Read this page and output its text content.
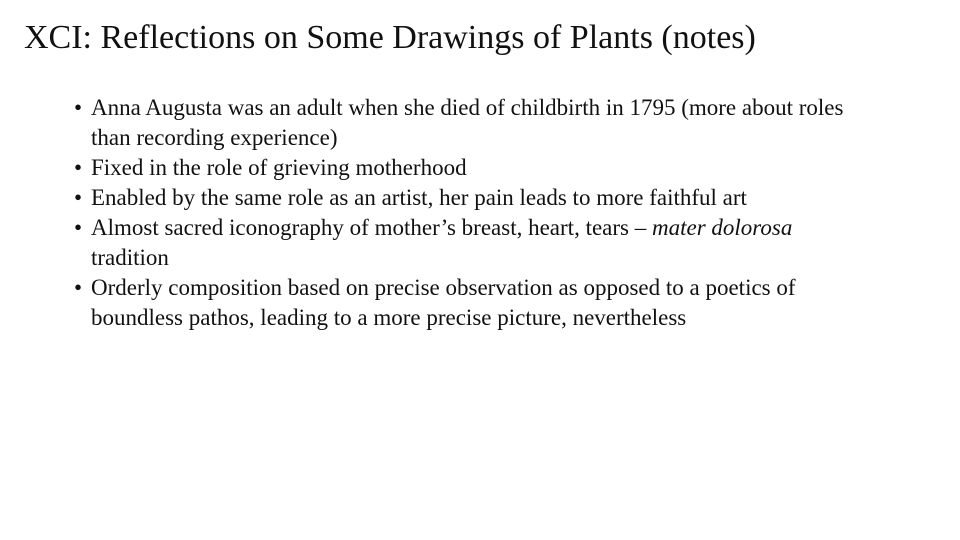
XCI: Reflections on Some Drawings of Plants (notes)
• Anna Augusta was an adult when she died of childbirth in 1795 (more about roles than recording experience)
• Fixed in the role of grieving motherhood
• Enabled by the same role as an artist, her pain leads to more faithful art
• Almost sacred iconography of mother’s breast, heart, tears – mater dolorosa tradition
• Orderly composition based on precise observation as opposed to a poetics of boundless pathos, leading to a more precise picture, nevertheless
